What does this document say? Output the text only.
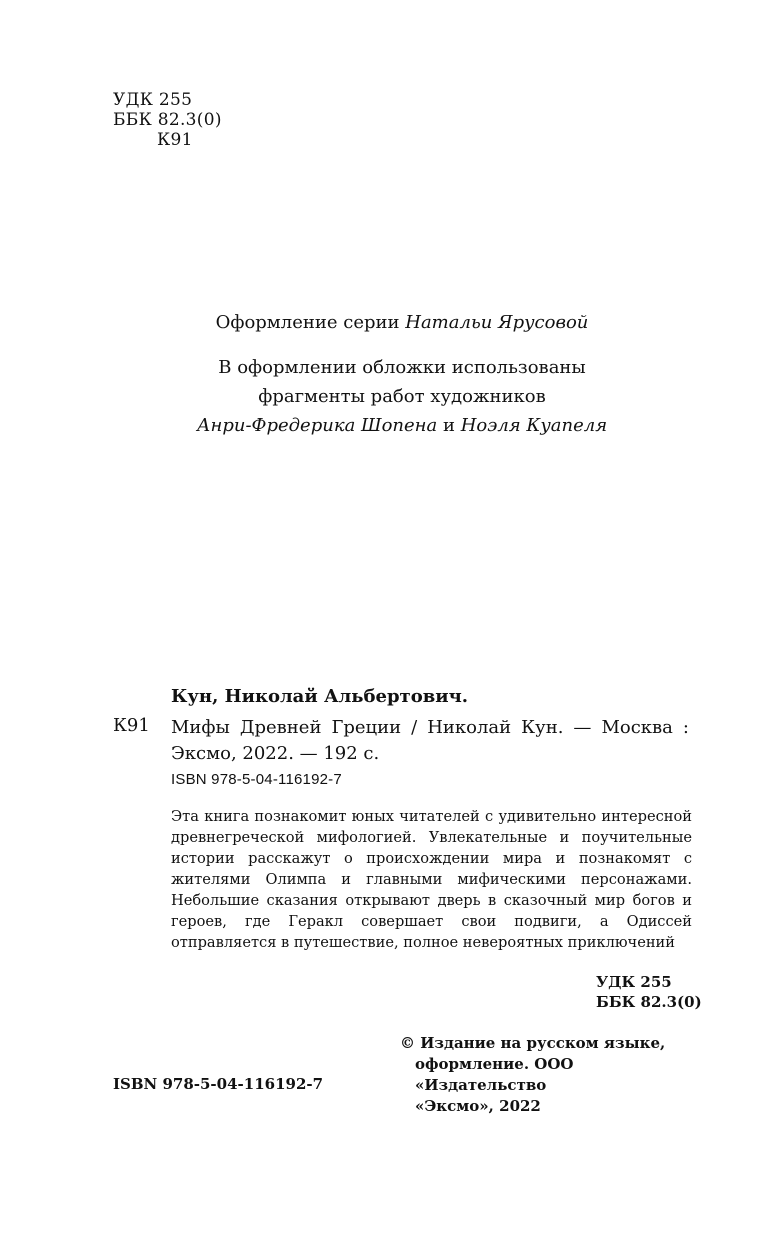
УДК 255
ББК 82.3(0)
К91
Оформление серии Натальи Ярусовой
В оформлении обложки использованы
фрагменты работ художников
Анри-Фредерика Шопена и Ноэля Куапеля
Кун, Николай Альбертович.
К91 Мифы Древней Греции / Николай Кун. — Москва : Эксмо, 2022. — 192 с.
ISBN 978-5-04-116192-7
Эта книга познакомит юных читателей с удивительно интересной древнегреческой мифологией. Увлекательные и поучительные истории расскажут о происхождении мира и познакомят с жителями Олимпа и главными мифическими персонажами. Небольшие сказания открывают дверь в сказочный мир богов и героев, где Геракл совершает свои подвиги, а Одиссей отправляется в путешествие, полное невероятных приключений
УДК 255
ББК 82.3(0)
© Издание на русском языке,
оформление. ООО «Издательство
«Эксмо», 2022
ISBN 978-5-04-116192-7
